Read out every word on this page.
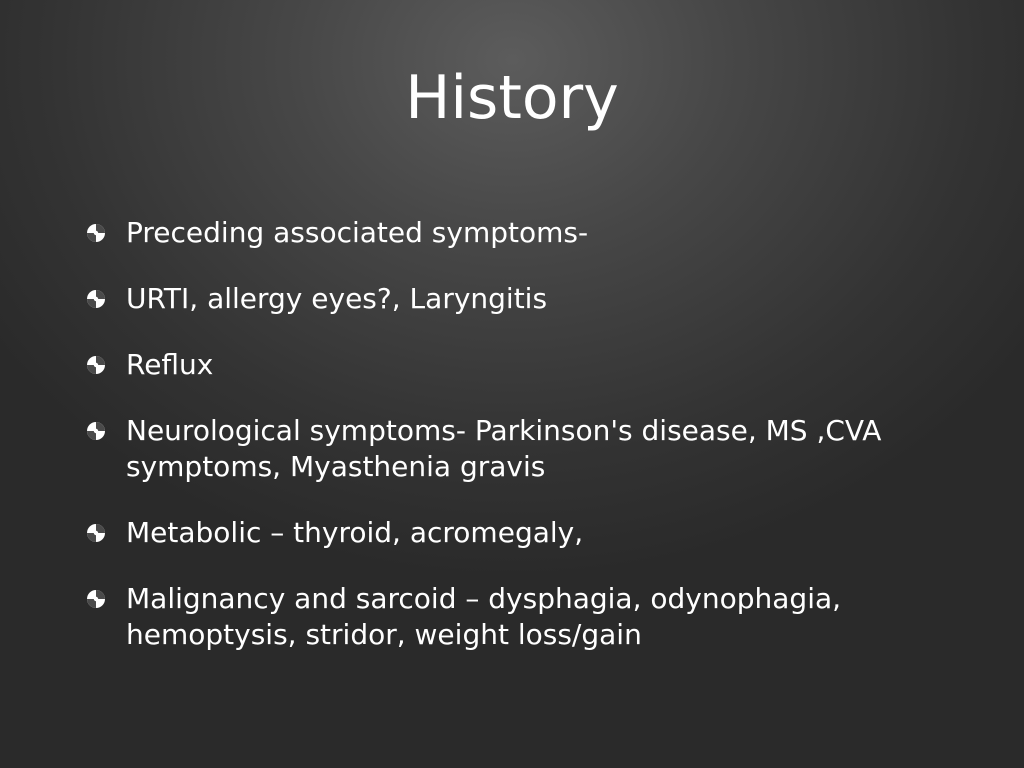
History
Preceding associated symptoms-
URTI, allergy eyes?, Laryngitis
Reflux
Neurological symptoms- Parkinson's disease, MS ,CVA symptoms, Myasthenia gravis
Metabolic – thyroid, acromegaly,
Malignancy and sarcoid – dysphagia, odynophagia, hemoptysis, stridor, weight loss/gain
